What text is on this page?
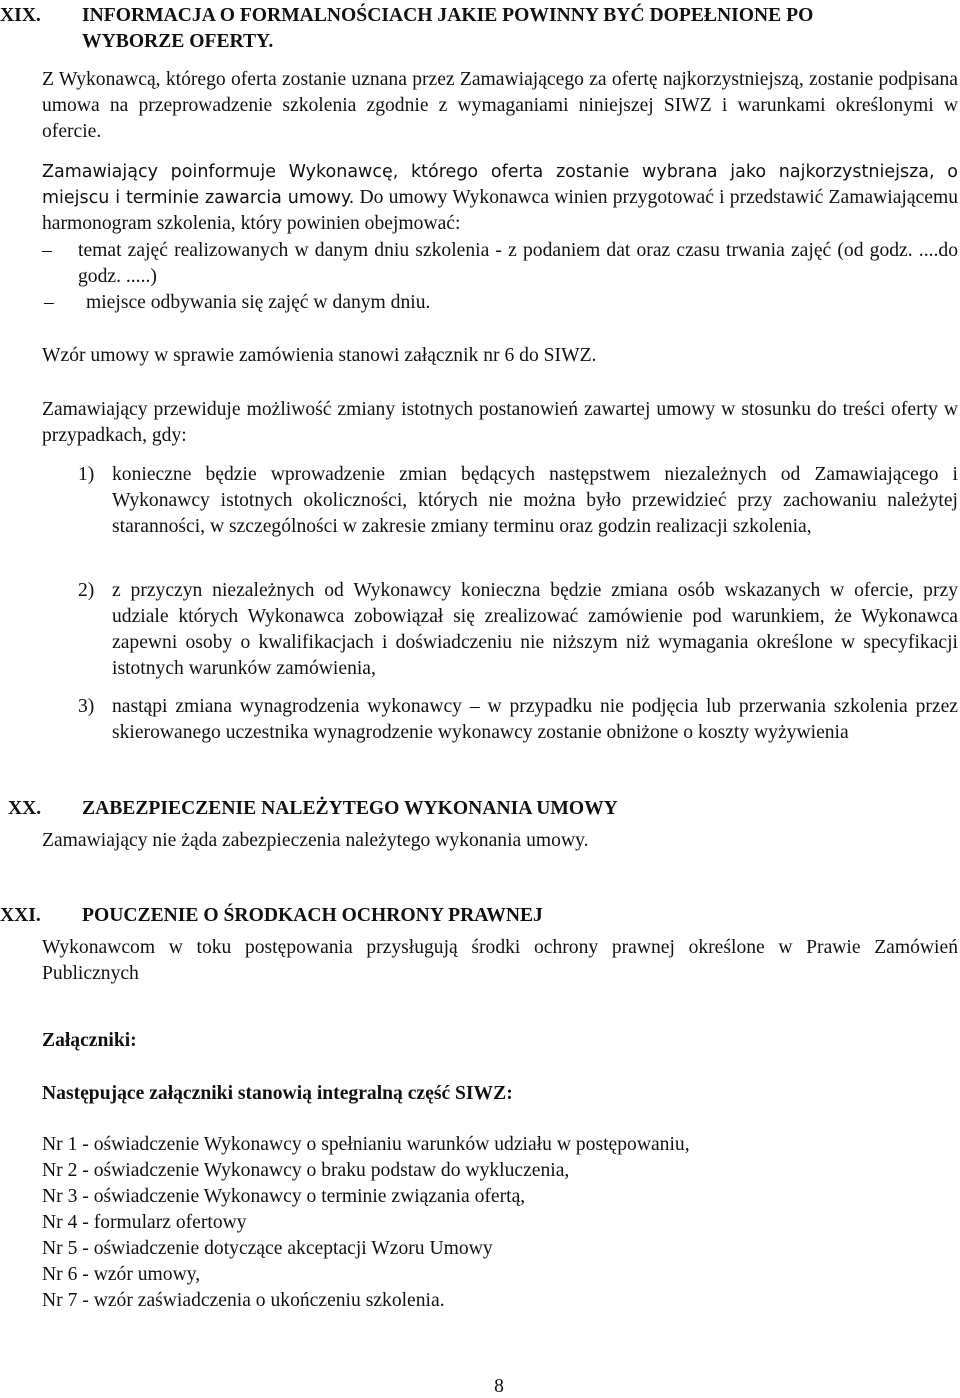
XIX.	INFORMACJA O FORMALNOŚCIACH JAKIE POWINNY BYĆ DOPEŁNIONE PO
WYBORZE OFERTY.
Z Wykonawcą, którego oferta zostanie uznana przez Zamawiającego za ofertę najkorzystniejszą, zostanie podpisana umowa na przeprowadzenie szkolenia zgodnie z wymaganiami niniejszej SIWZ i warunkami określonymi w ofercie.
Zamawiający poinformuje Wykonawcę, którego oferta zostanie wybrana jako najkorzystniejsza, o miejscu i terminie zawarcia umowy. Do umowy Wykonawca winien przygotować i przedstawić Zamawiającemu harmonogram szkolenia, który powinien obejmować:
–	temat zajęć realizowanych w danym dniu szkolenia - z podaniem dat oraz czasu trwania zajęć (od godz. ....do godz. .....)
–	miejsce odbywania się zajęć w danym dniu.
Wzór umowy w sprawie zamówienia stanowi załącznik nr 6 do SIWZ.
Zamawiający przewiduje możliwość zmiany istotnych postanowień zawartej umowy w stosunku do treści oferty w przypadkach, gdy:
1) konieczne będzie wprowadzenie zmian będących następstwem niezależnych od Zamawiającego i Wykonawcy istotnych okoliczności, których nie można było przewidzieć przy zachowaniu należytej staranności, w szczególności w zakresie zmiany terminu oraz godzin realizacji szkolenia,
2) z przyczyn niezależnych od Wykonawcy konieczna będzie zmiana osób wskazanych w ofercie, przy udziale których Wykonawca zobowiązał się zrealizować zamówienie pod warunkiem, że Wykonawca zapewni osoby o kwalifikacjach i doświadczeniu nie niższym niż wymagania określone w specyfikacji istotnych warunków zamówienia,
3) nastąpi zmiana wynagrodzenia wykonawcy – w przypadku nie podjęcia lub przerwania szkolenia przez skierowanego uczestnika wynagrodzenie wykonawcy zostanie obniżone o koszty wyżywienia
XX.	ZABEZPIECZENIE NALEŻYTEGO WYKONANIA UMOWY
Zamawiający nie żąda zabezpieczenia należytego wykonania umowy.
XXI.	POUCZENIE O ŚRODKACH OCHRONY PRAWNEJ
Wykonawcom w toku postępowania przysługują środki ochrony prawnej określone w Prawie Zamówień Publicznych
Załączniki:
Następujące załączniki stanowią integralną część SIWZ:
Nr 1 - oświadczenie Wykonawcy o spełnianiu warunków udziału w postępowaniu,
Nr 2 - oświadczenie Wykonawcy o braku podstaw do wykluczenia,
Nr 3 - oświadczenie Wykonawcy o terminie związania ofertą,
Nr 4 - formularz ofertowy
Nr 5 - oświadczenie dotyczące akceptacji Wzoru Umowy
Nr 6 - wzór umowy,
Nr 7 - wzór zaświadczenia o ukończeniu szkolenia.
8
